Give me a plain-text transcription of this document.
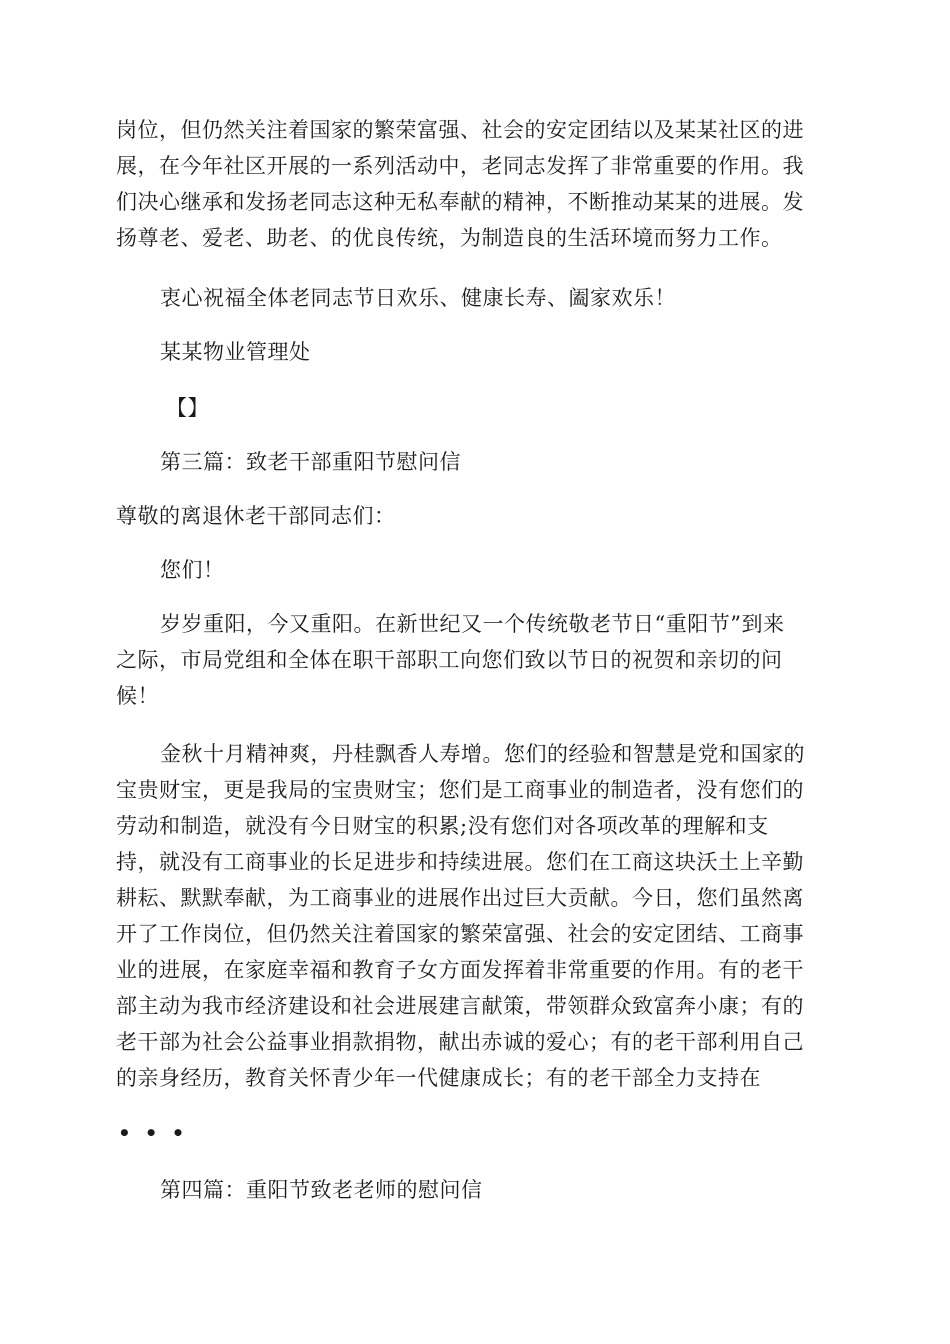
岗位，但仍然关注着国家的繁荣富强、社会的安定团结以及某某社区的进
展，在今年社区开展的一系列活动中，老同志发挥了非常重要的作用。我
们决心继承和发扬老同志这种无私奉献的精神，不断推动某某的进展。发
扬尊老、爱老、助老、的优良传统，为制造良的生活环境而努力工作。

衷心祝福全体老同志节日欢乐、健康长寿、阖家欢乐！

某某物业管理处

【】

第三篇：致老干部重阳节慰问信

尊敬的离退休老干部同志们：

您们！

岁岁重阳，今又重阳。在新世纪又一个传统敬老节日“重阳节”到来
之际，市局党组和全体在职干部职工向您们致以节日的祝贺和亲切的问
候！
金秋十月精神爽，丹桂飘香人寿增。您们的经验和智慧是党和国家的
宝贵财宝，更是我局的宝贵财宝；您们是工商事业的制造者，没有您们的
劳动和制造，就没有今日财宝的积累;没有您们对各项改革的理解和支
持，就没有工商事业的长足进步和持续进展。您们在工商这块沃土上辛勤
耕耘、默默奉献，为工商事业的进展作出过巨大贡献。今日，您们虽然离
开了工作岗位，但仍然关注着国家的繁荣富强、社会的安定团结、工商事
业的进展，在家庭幸福和教育子女方面发挥着非常重要的作用。有的老干
部主动为我市经济建设和社会进展建言献策，带领群众致富奔小康；有的
老干部为社会公益事业捐款捐物，献出赤诚的爱心；有的老干部利用自己
的亲身经历，教育关怀青少年一代健康成长；有的老干部全力支持在
•••

第四篇：重阳节致老老师的慰问信
